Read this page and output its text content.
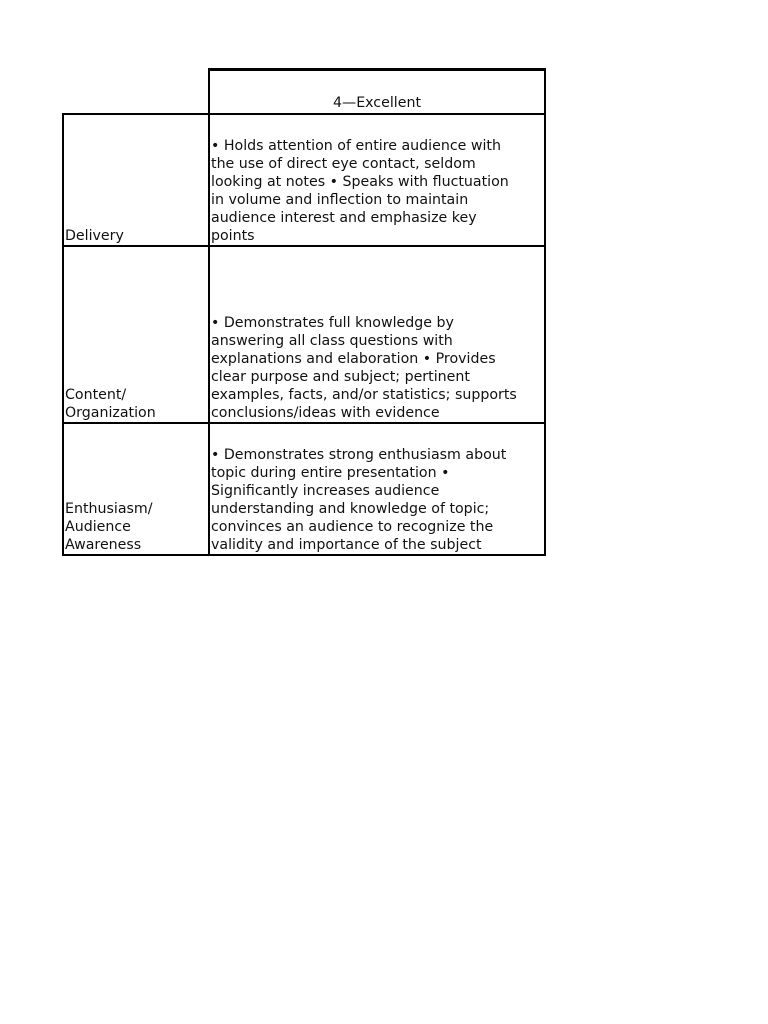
4—Excellent
Delivery
• Holds attention of entire audience with
the use of direct eye contact, seldom
looking at notes • Speaks with fluctuation
in volume and inflection to maintain
audience interest and emphasize key
points
Content/
Organization
• Demonstrates full knowledge by
answering all class questions with
explanations and elaboration • Provides
clear purpose and subject; pertinent
examples, facts, and/or statistics; supports
conclusions/ideas with evidence
Enthusiasm/
Audience
Awareness
• Demonstrates strong enthusiasm about
topic during entire presentation •
Significantly increases audience
understanding and knowledge of topic;
convinces an audience to recognize the
validity and importance of the subject
